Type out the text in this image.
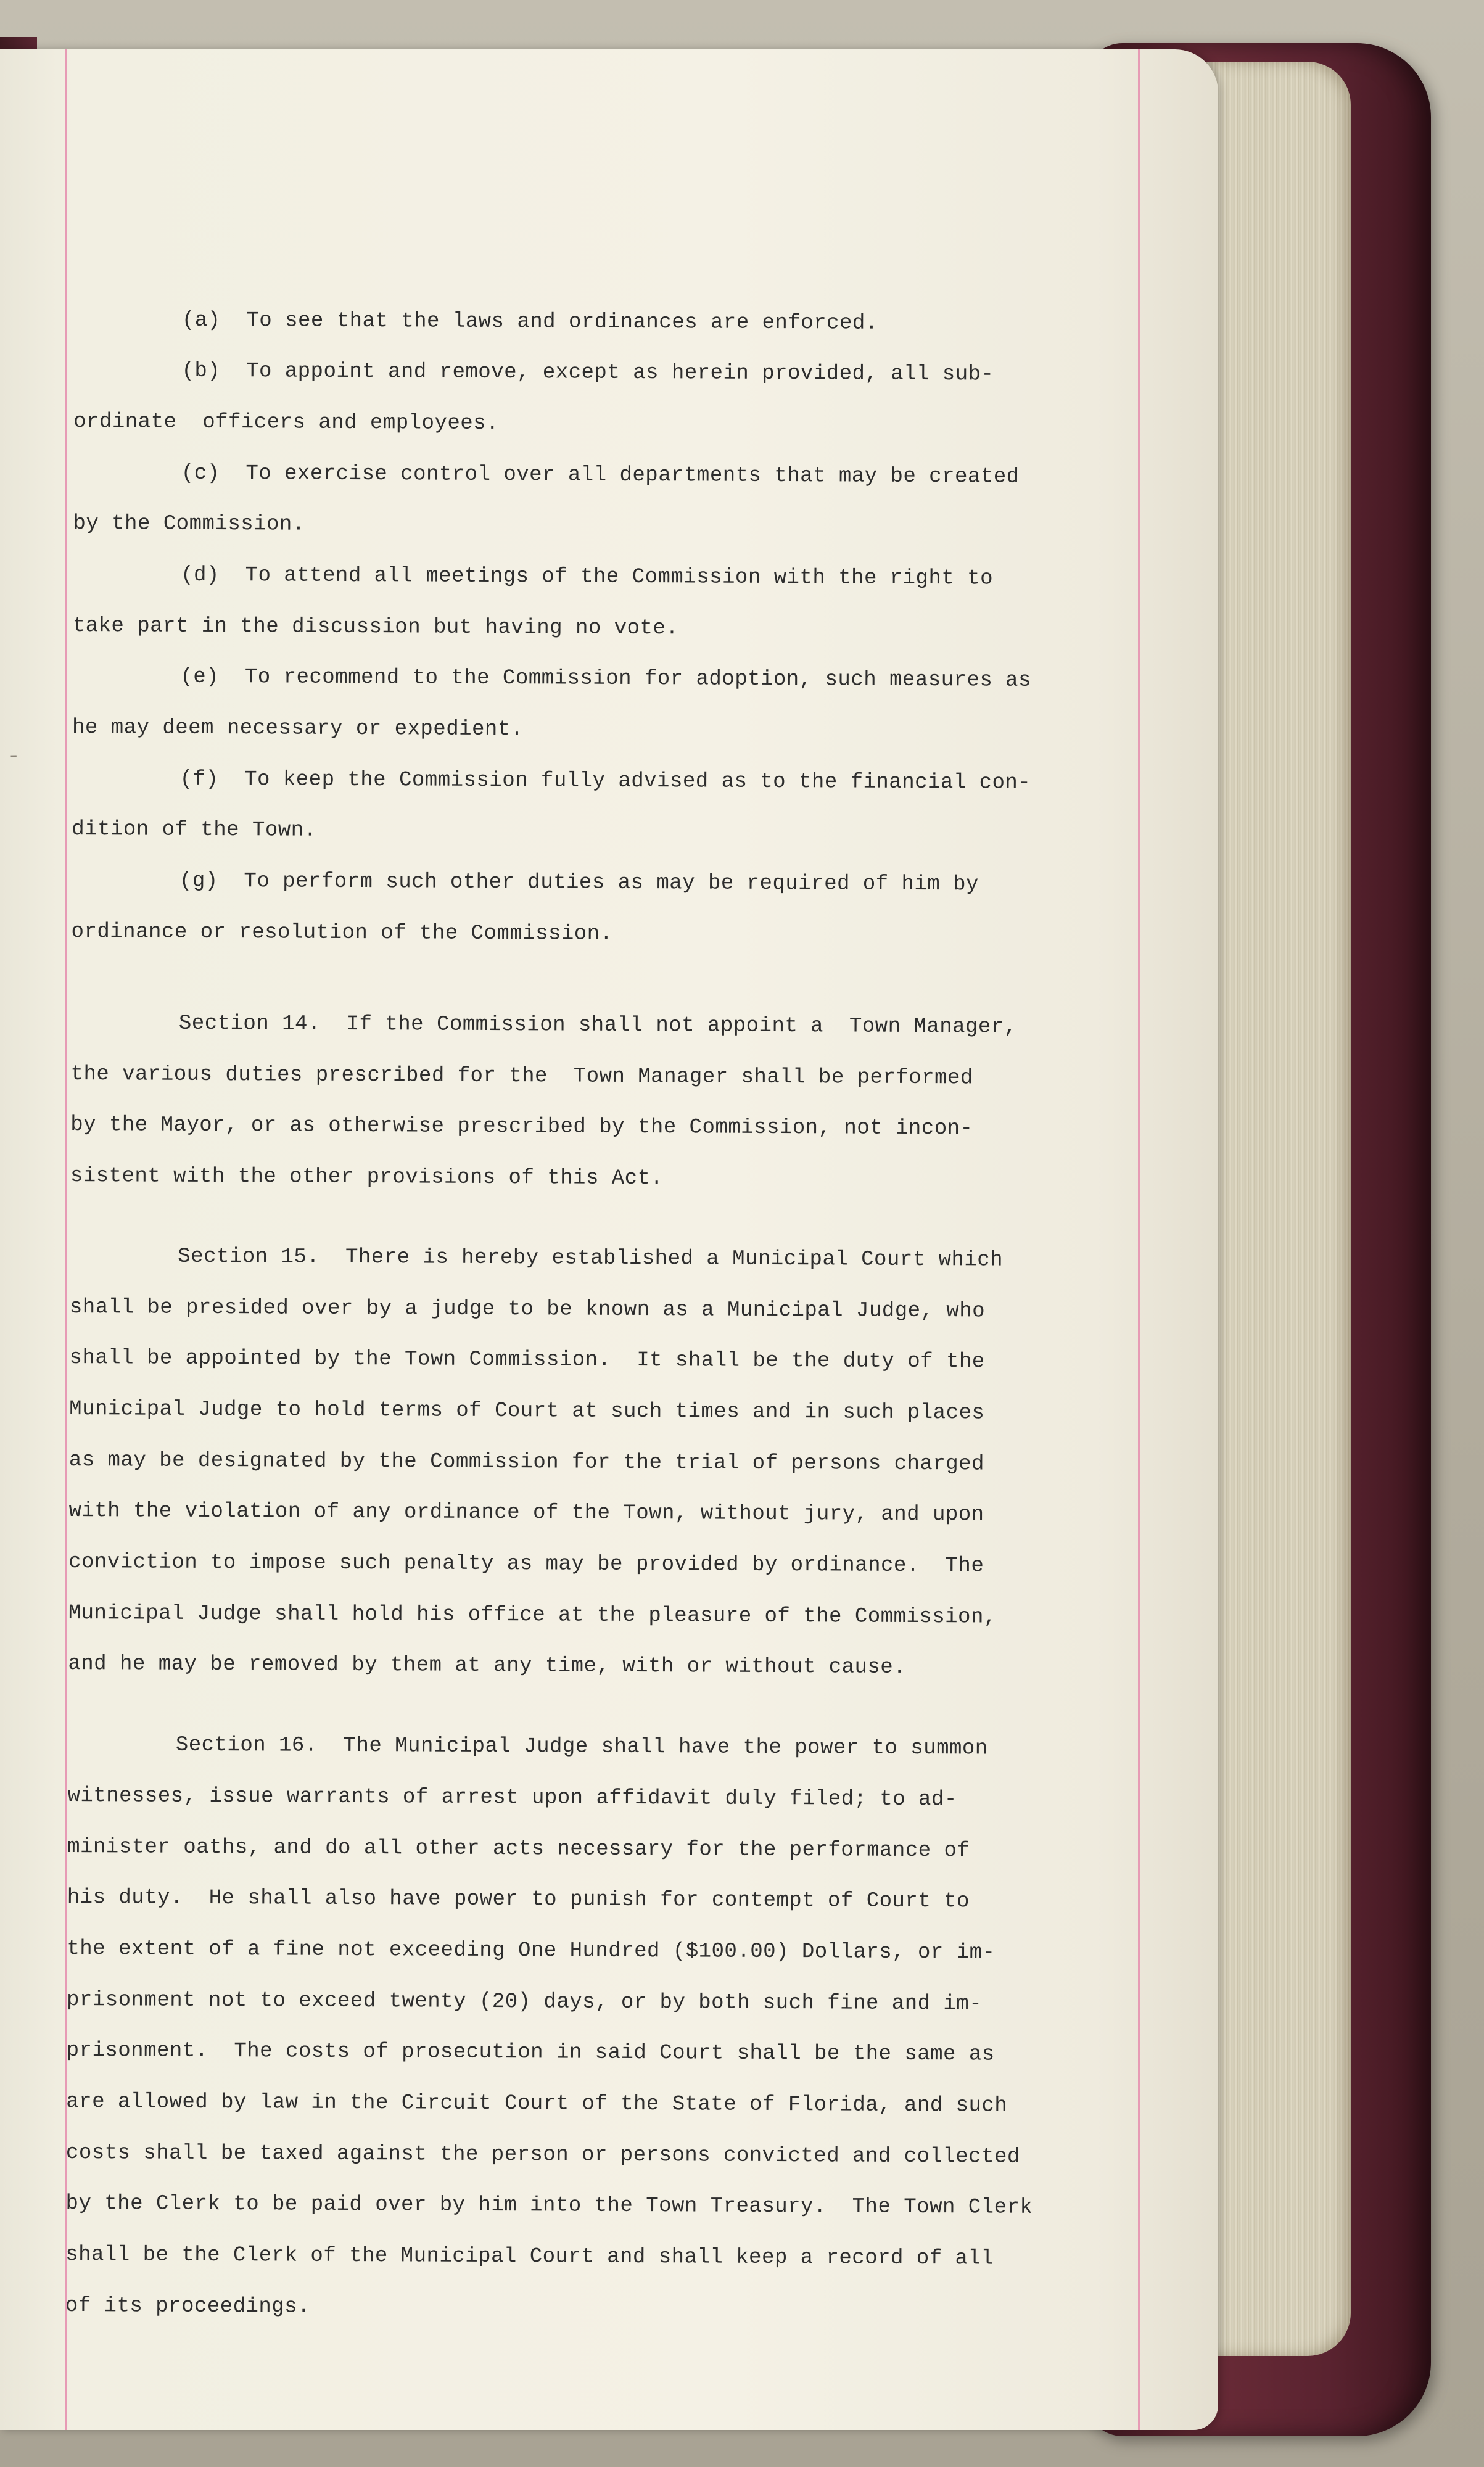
-
(a)  To see that the laws and ordinances are enforced.
(b)  To appoint and remove, except as herein provided, all sub-
ordinate  officers and employees.
(c)  To exercise control over all departments that may be created
by the Commission.
(d)  To attend all meetings of the Commission with the right to
take part in the discussion but having no vote.
(e)  To recommend to the Commission for adoption, such measures as
he may deem necessary or expedient.
(f)  To keep the Commission fully advised as to the financial con-
dition of the Town.
(g)  To perform such other duties as may be required of him by
ordinance or resolution of the Commission.
Section 14.  If the Commission shall not appoint a  Town Manager,
the various duties prescribed for the  Town Manager shall be performed
by the Mayor, or as otherwise prescribed by the Commission, not incon-
sistent with the other provisions of this Act.
Section 15.  There is hereby established a Municipal Court which
shall be presided over by a judge to be known as a Municipal Judge, who
shall be appointed by the Town Commission.  It shall be the duty of the
Municipal Judge to hold terms of Court at such times and in such places
as may be designated by the Commission for the trial of persons charged
with the violation of any ordinance of the Town, without jury, and upon
conviction to impose such penalty as may be provided by ordinance.  The
Municipal Judge shall hold his office at the pleasure of the Commission,
and he may be removed by them at any time, with or without cause.
Section 16.  The Municipal Judge shall have the power to summon
witnesses, issue warrants of arrest upon affidavit duly filed; to ad-
minister oaths, and do all other acts necessary for the performance of
his duty.  He shall also have power to punish for contempt of Court to
the extent of a fine not exceeding One Hundred ($100.00) Dollars, or im-
prisonment not to exceed twenty (20) days, or by both such fine and im-
prisonment.  The costs of prosecution in said Court shall be the same as
are allowed by law in the Circuit Court of the State of Florida, and such
costs shall be taxed against the person or persons convicted and collected
by the Clerk to be paid over by him into the Town Treasury.  The Town Clerk
shall be the Clerk of the Municipal Court and shall keep a record of all
of its proceedings.
